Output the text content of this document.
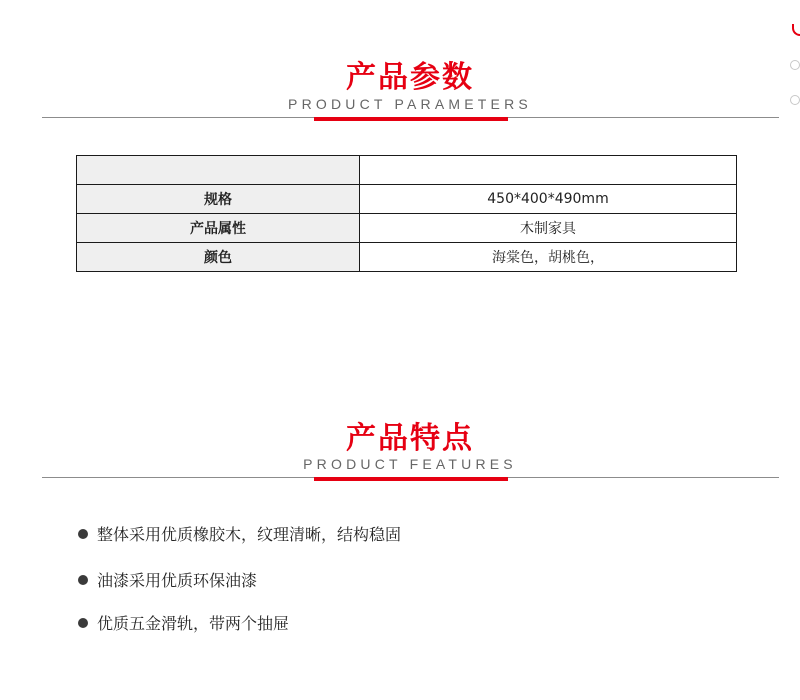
产品参数
PRODUCT PARAMETERS

规格	450*400*490mm
产品属性	木制家具
颜色	海棠色，胡桃色，
产品特点
PRODUCT FEATURES
整体采用优质橡胶木，纹理清晰，结构稳固
油漆采用优质环保油漆
优质五金滑轨，带两个抽屉
